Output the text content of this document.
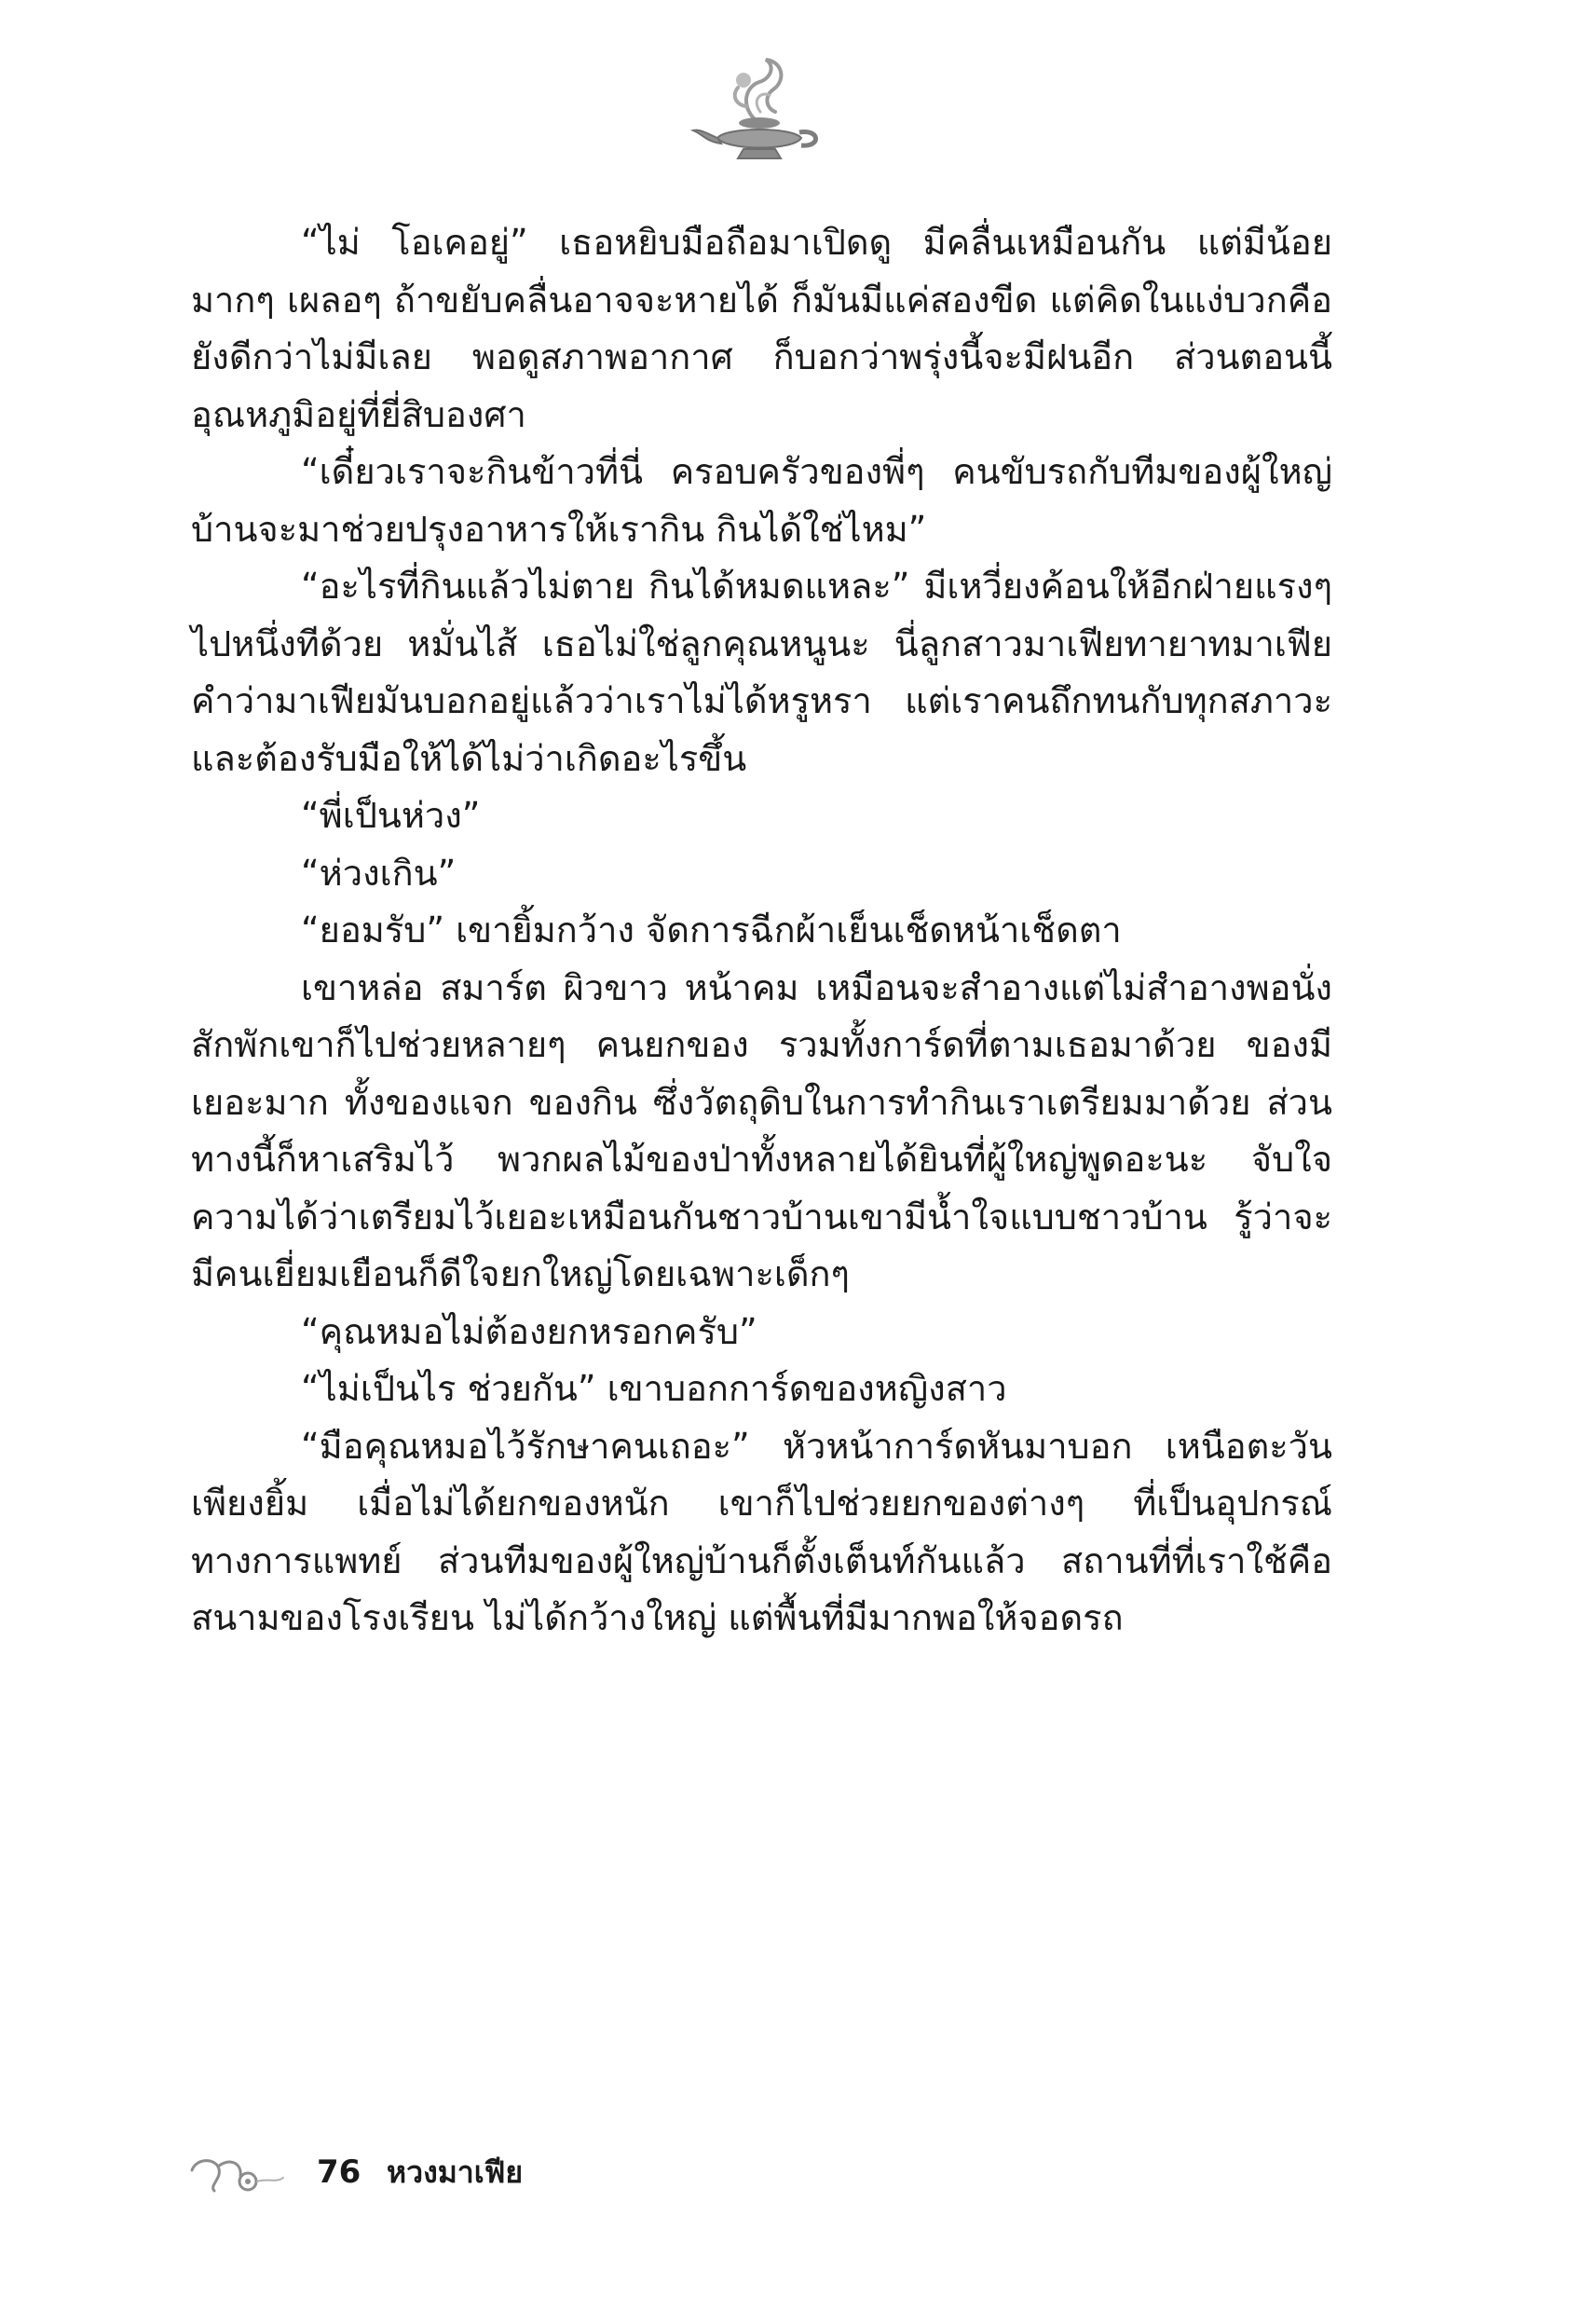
“ไม่ โอเคอยู่” เธอหยิบมือถือมาเปิดดู มีคลื่นเหมือนกัน แต่มีน้อยมากๆ เผลอๆ ถ้าขยับคลื่นอาจจะหายได้ ก็มันมีแค่สองขีด แต่คิดในแง่บวกคือยังดีกว่าไม่มีเลย พอดูสภาพอากาศ ก็บอกว่าพรุ่งนี้จะมีฝนอีก ส่วนตอนนี้อุณหภูมิอยู่ที่ยี่สิบองศา

“เดี๋ยวเราจะกินข้าวที่นี่ ครอบครัวของพี่ๆ คนขับรถกับทีมของผู้ใหญ่บ้านจะมาช่วยปรุงอาหารให้เรากิน กินได้ใช่ไหม”

“อะไรที่กินแล้วไม่ตาย กินได้หมดแหละ” มีเหวี่ยงค้อนให้อีกฝ่ายแรงๆ ไปหนึ่งทีด้วย หมั่นไส้ เธอไม่ใช่ลูกคุณหนูนะ นี่ลูกสาวมาเฟียทายาทมาเฟีย คำว่ามาเฟียมันบอกอยู่แล้วว่าเราไม่ได้หรูหรา แต่เราคนถึกทนกับทุกสภาวะ และต้องรับมือให้ได้ไม่ว่าเกิดอะไรขึ้น

“พี่เป็นห่วง”

“ห่วงเกิน”

“ยอมรับ” เขายิ้มกว้าง จัดการฉีกผ้าเย็นเช็ดหน้าเช็ดตา

เขาหล่อ สมาร์ต ผิวขาว หน้าคม เหมือนจะสำอางแต่ไม่สำอางพอนั่งสักพักเขาก็ไปช่วยหลายๆ คนยกของ รวมทั้งการ์ดที่ตามเธอมาด้วย ของมีเยอะมาก ทั้งของแจก ของกิน ซึ่งวัตถุดิบในการทำกินเราเตรียมมาด้วย ส่วนทางนี้ก็หาเสริมไว้ พวกผลไม้ของป่าทั้งหลายได้ยินที่ผู้ใหญ่พูดอะนะ จับใจความได้ว่าเตรียมไว้เยอะเหมือนกันชาวบ้านเขามีน้ำใจแบบชาวบ้าน รู้ว่าจะมีคนเยี่ยมเยือนก็ดีใจยกใหญ่โดยเฉพาะเด็กๆ

“คุณหมอไม่ต้องยกหรอกครับ”

“ไม่เป็นไร ช่วยกัน” เขาบอกการ์ดของหญิงสาว

“มือคุณหมอไว้รักษาคนเถอะ” หัวหน้าการ์ดหันมาบอก เหนือตะวันเพียงยิ้ม เมื่อไม่ได้ยกของหนัก เขาก็ไปช่วยยกของต่างๆ ที่เป็นอุปกรณ์ทางการแพทย์ ส่วนทีมของผู้ใหญ่บ้านก็ตั้งเต็นท์กันแล้ว สถานที่ที่เราใช้คือสนามของโรงเรียน ไม่ได้กว้างใหญ่ แต่พื้นที่มีมากพอให้จอดรถ

76 หวงมาเฟีย
